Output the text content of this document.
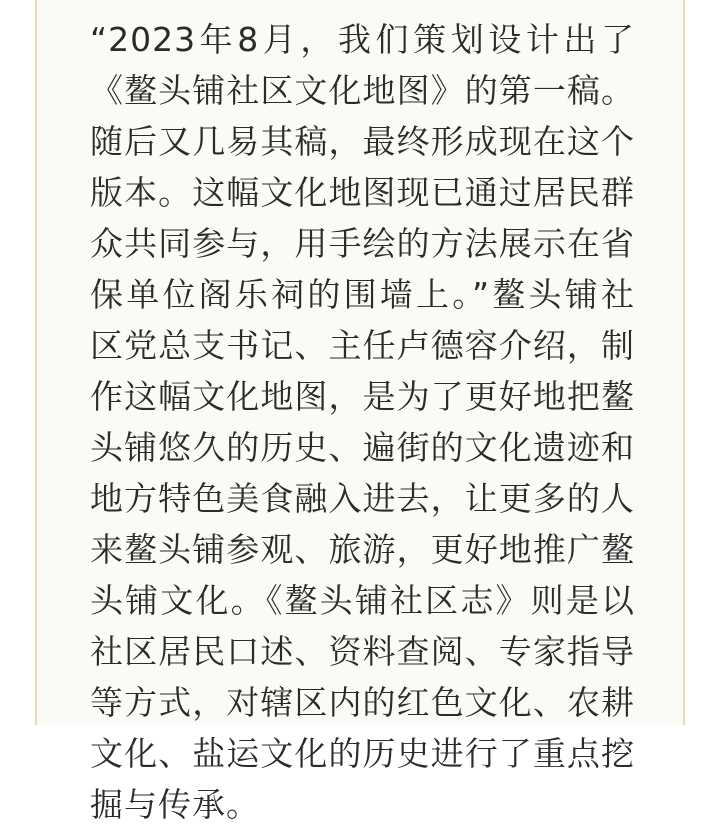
“2023年8月，我们策划设计出了《鳌头铺社区文化地图》的第一稿。随后又几易其稿，最终形成现在这个版本。这幅文化地图现已通过居民群众共同参与，用手绘的方法展示在省保单位阁乐祠的围墙上。”鳌头铺社区党总支书记、主任卢德容介绍，制作这幅文化地图，是为了更好地把鳌头铺悠久的历史、遍街的文化遗迹和地方特色美食融入进去，让更多的人来鳌头铺参观、旅游，更好地推广鳌头铺文化。《鳌头铺社区志》则是以社区居民口述、资料查阅、专家指导等方式，对辖区内的红色文化、农耕文化、盐运文化的历史进行了重点挖掘与传承。
